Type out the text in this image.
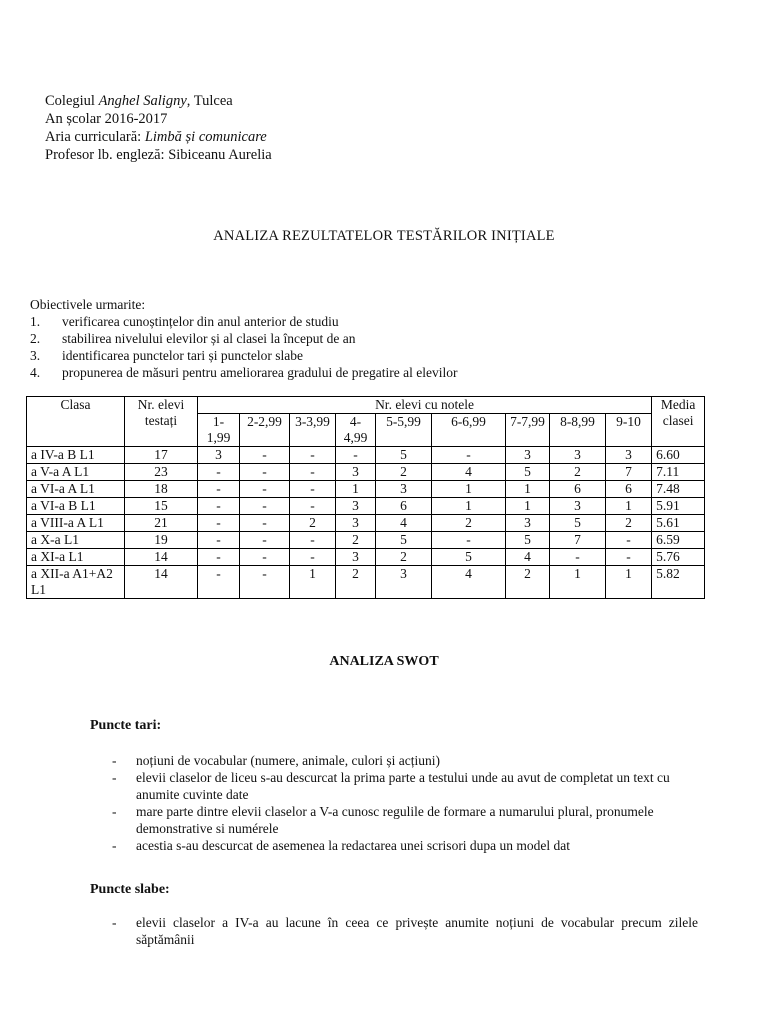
Colegiul Anghel Saligny, Tulcea
An școlar 2016-2017
Aria curriculară: Limbă și comunicare
Profesor lb. engleză: Sibiceanu Aurelia
ANALIZA REZULTATELOR TESTĂRILOR INIȚIALE
Obiectivele urmarite:
1.	verificarea cunoștințelor din anul anterior de studiu
2.	stabilirea nivelului elevilor și al clasei la început de an
3.	identificarea punctelor tari și punctelor slabe
4.	propunerea de măsuri pentru ameliorarea gradului de pregatire al elevilor
Clasa	Nr. elevi testați	Nr. elevi cu notele									Media clasei
		1-1,99	2-2,99	3-3,99	4-4,99	5-5,99	6-6,99	7-7,99	8-8,99	9-10	
a IV-a B L1	17	3	-	-	-	5	-	3	3	3	6.60
a V-a A L1	23	-	-	-	3	2	4	5	2	7	7.11
a VI-a A L1	18	-	-	-	1	3	1	1	6	6	7.48
a VI-a B L1	15	-	-	-	3	6	1	1	3	1	5.91
a VIII-a A L1	21	-	-	2	3	4	2	3	5	2	5.61
a X-a L1	19	-	-	-	2	5	-	5	7	-	6.59
a XI-a L1	14	-	-	-	3	2	5	4	-	-	5.76
a XII-a A1+A2 L1	14	-	-	1	2	3	4	2	1	1	5.82
ANALIZA SWOT
Puncte tari:
-	noțiuni de vocabular (numere, animale, culori și acțiuni)
-	elevii claselor de liceu s-au descurcat la prima parte a testului unde au avut de completat un text cu anumite cuvinte date
-	mare parte dintre elevii claselor a V-a cunosc regulile de formare a numarului plural, pronumele demonstrative si numérele
-	acestia s-au descurcat de asemenea la redactarea unei scrisori dupa un model dat
Puncte slabe:
-	elevii claselor a IV-a au lacune în ceea ce privește anumite noțiuni de vocabular precum zilele săptămânii
